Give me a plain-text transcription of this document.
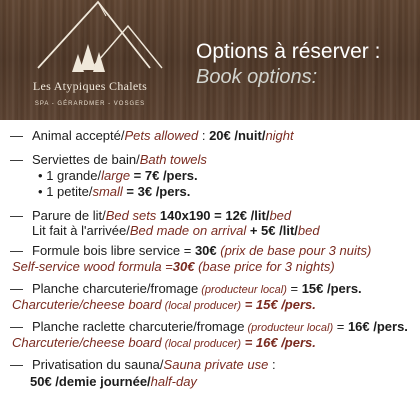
Les Atypiques Chalets
SPA - GÉRARDMER - VOSGES
Options à réserver :
Book options:
— Animal accepté/Pets allowed : 20€ /nuit/night
— Serviettes de bain/Bath towels
• 1 grande/large = 7€ /pers.
• 1 petite/small = 3€ /pers.
— Parure de lit/Bed sets 140x190 = 12€ /lit/bed
Lit fait à l'arrivée/Bed made on arrival + 5€ /lit/bed
— Formule bois libre service = 30€ (prix de base pour 3 nuits)
Self-service wood formula =30€ (base price for 3 nights)
— Planche charcuterie/fromage (producteur local) = 15€ /pers.
Charcuterie/cheese board (local producer) = 15€ /pers.
— Planche raclette charcuterie/fromage (producteur local) = 16€ /pers.
Charcuterie/cheese board (local producer) = 16€ /pers.
— Privatisation du sauna/Sauna private use :
50€ /demie journée/half-day
